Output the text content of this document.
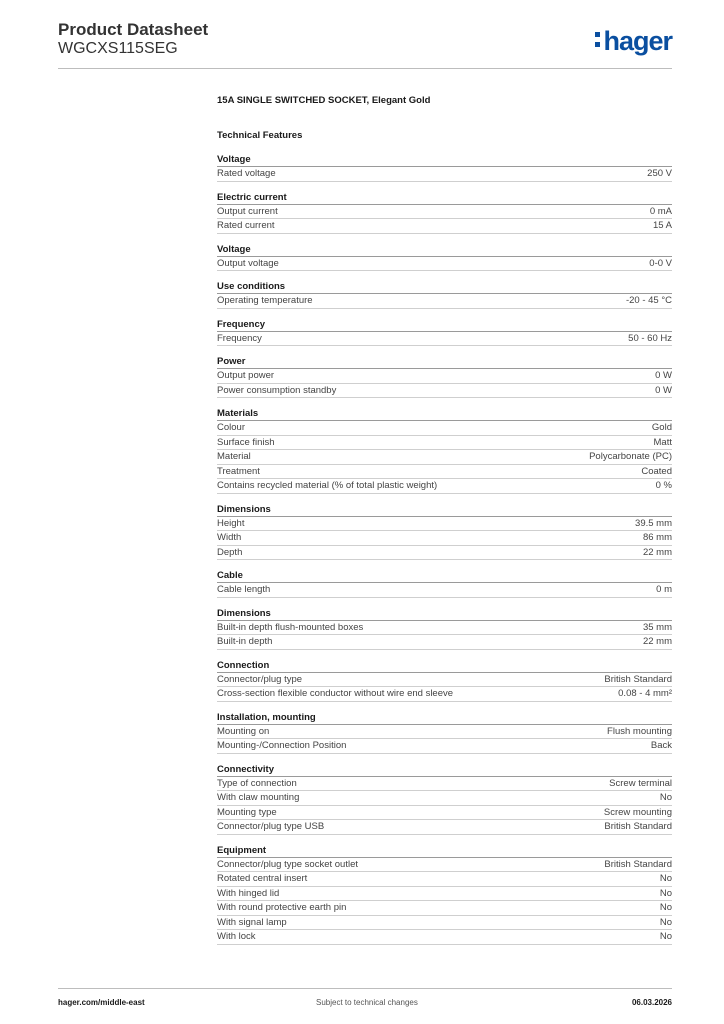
Product Datasheet
WGCXS115SEG	hager
15A SINGLE SWITCHED SOCKET, Elegant Gold
Technical Features
Voltage
Rated voltage	250 V
Electric current
Output current	0 mA
Rated current	15 A
Voltage
Output voltage	0-0 V
Use conditions
Operating temperature	-20 - 45 °C
Frequency
Frequency	50 - 60 Hz
Power
Output power	0 W
Power consumption standby	0 W
Materials
Colour	Gold
Surface finish	Matt
Material	Polycarbonate (PC)
Treatment	Coated
Contains recycled material (% of total plastic weight)	0 %
Dimensions
Height	39.5 mm
Width	86 mm
Depth	22 mm
Cable
Cable length	0 m
Dimensions
Built-in depth flush-mounted boxes	35 mm
Built-in depth	22 mm
Connection
Connector/plug type	British Standard
Cross-section flexible conductor without wire end sleeve	0.08 - 4 mm²
Installation, mounting
Mounting on	Flush mounting
Mounting-/Connection Position	Back
Connectivity
Type of connection	Screw terminal
With claw mounting	No
Mounting type	Screw mounting
Connector/plug type USB	British Standard
Equipment
Connector/plug type socket outlet	British Standard
Rotated central insert	No
With hinged lid	No
With round protective earth pin	No
With signal lamp	No
With lock	No
hager.com/middle-east	Subject to technical changes	06.03.2026
